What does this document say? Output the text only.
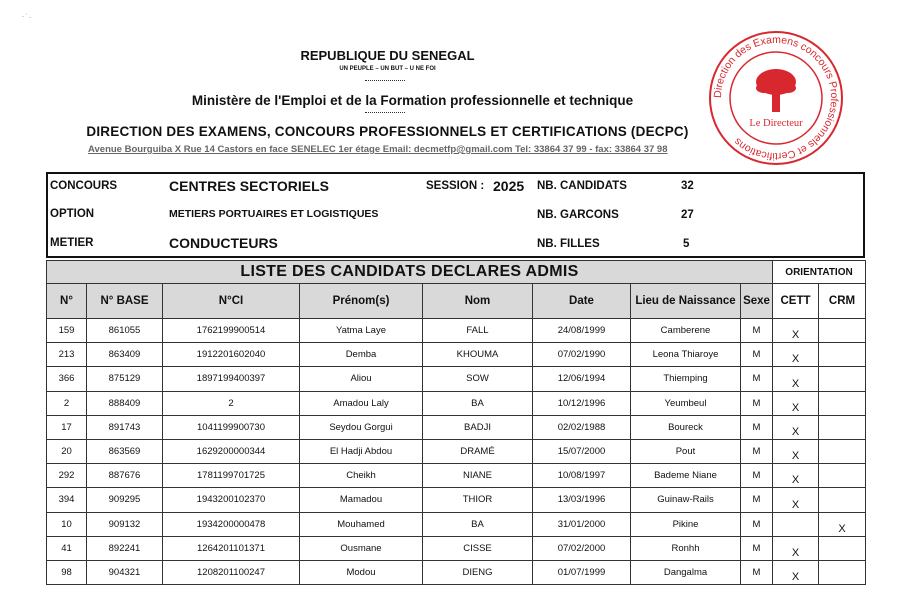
- ' ..
REPUBLIQUE DU SENEGAL
UN PEUPLE – UN BUT – U NE FOI
Ministère de l'Emploi et de la Formation professionnelle et technique
DIRECTION DES EXAMENS, CONCOURS PROFESSIONNELS ET CERTIFICATIONS (DECPC)
Avenue Bourguiba X Rue 14 Castors en face SENELEC 1er étage Email: decmetfp@gmail.com Tel: 33864 37 99 - fax: 33864 37 98
Direction des Examens concours Professionnels et Certifications
Le Directeur
CONCOURS	CENTRES SECTORIELS	SESSION : 2025 NB. CANDIDATS	32
OPTION	METIERS PORTUAIRES ET LOGISTIQUES	NB. GARCONS	27
METIER	CONDUCTEURS	NB. FILLES	5
LISTE DES CANDIDATS DECLARES ADMIS								ORIENTATION	
N°	N° BASE	N°CI	Prénom(s)	Nom	Date	Lieu de Naissance	Sexe	CETT	CRM
159	861055	1762199900514	Yatma Laye	FALL	24/08/1999	Camberene	M	X	
213	863409	1912201602040	Demba	KHOUMA	07/02/1990	Leona Thiaroye	M	X	
366	875129	1897199400397	Aliou	SOW	12/06/1994	Thiemping	M	X	
2	888409	2	Amadou Laly	BA	10/12/1996	Yeumbeul	M	X	
17	891743	1041199900730	Seydou Gorgui	BADJI	02/02/1988	Boureck	M	X	
20	863569	1629200000344	El Hadji Abdou	DRAMÉ	15/07/2000	Pout	M	X	
292	887676	1781199701725	Cheikh	NIANE	10/08/1997	Bademe Niane	M	X	
394	909295	1943200102370	Mamadou	THIOR	13/03/1996	Guinaw-Rails	M	X	
10	909132	1934200000478	Mouhamed	BA	31/01/2000	Pikine	M		X
41	892241	1264201101371	Ousmane	CISSE	07/02/2000	Ronhh	M	X	
98	904321	1208201100247	Modou	DIENG	01/07/1999	Dangalma	M	X	
